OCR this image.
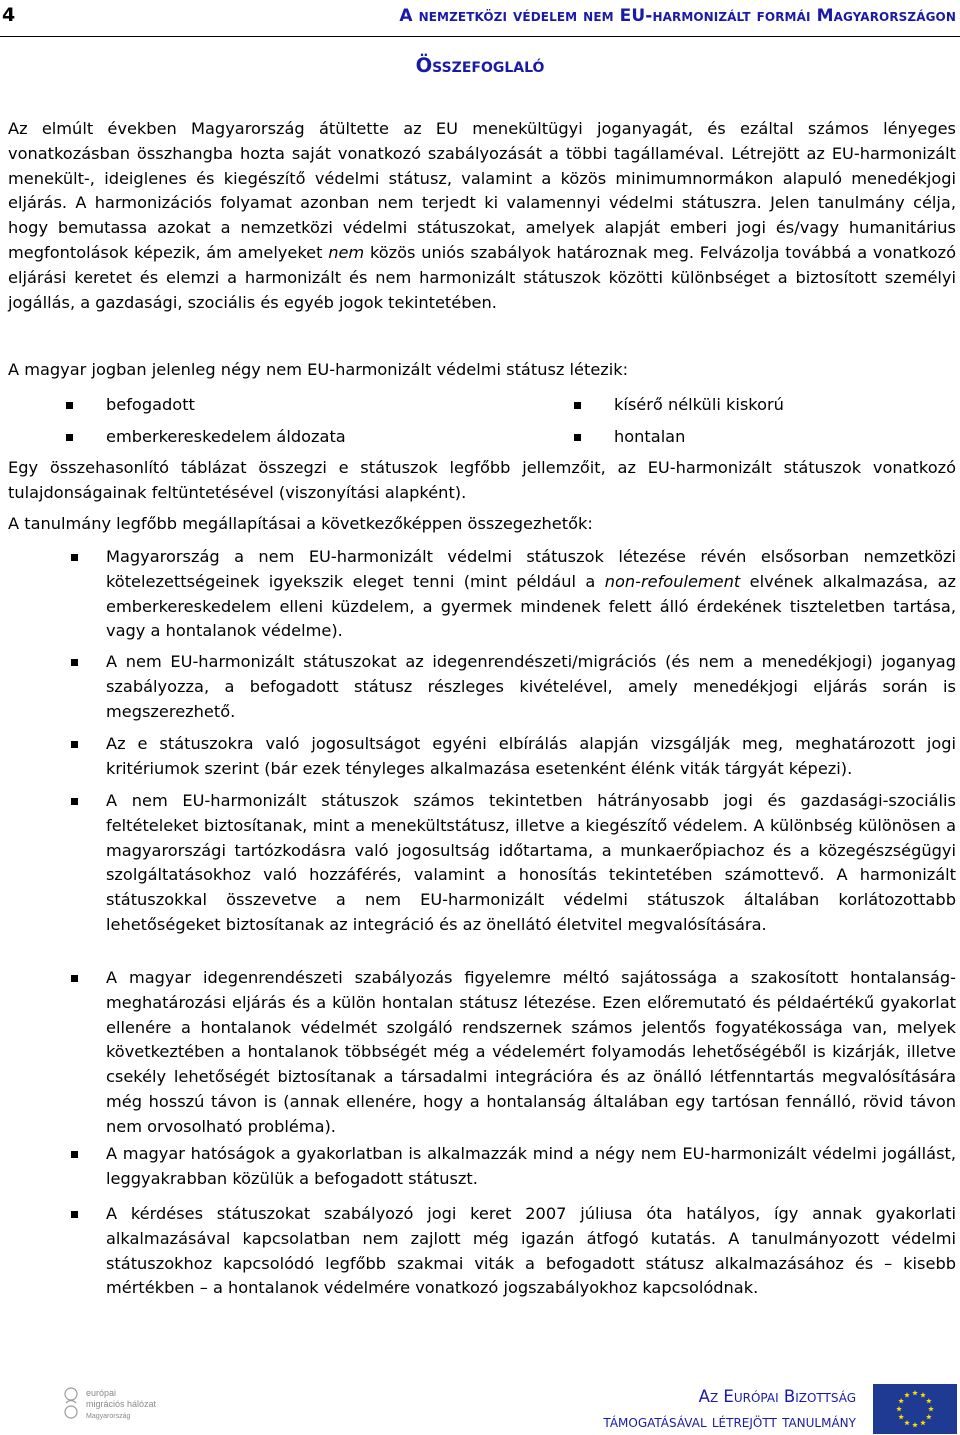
4	A nemzetközi védelem nem EU-harmonizált formái Magyarországon
Összefoglaló

Az elmúlt években Magyarország átültette az EU menekültügyi joganyagát, és ezáltal számos lényeges vonatkozásban összhangba hozta saját vonatkozó szabályozását a többi tagállaméval. Létrejött az EU-harmonizált menekült-, ideiglenes és kiegészítő védelmi státusz, valamint a közös minimumnormákon alapuló menedékjogi eljárás. A harmonizációs folyamat azonban nem terjedt ki valamennyi védelmi státuszra. Jelen tanulmány célja, hogy bemutassa azokat a nemzetközi védelmi státuszokat, amelyek alapját emberi jogi és/vagy humanitárius megfontolások képezik, ám amelyeket nem közös uniós szabályok határoznak meg. Felvázolja továbbá a vonatkozó eljárási keretet és elemzi a harmonizált és nem harmonizált státuszok közötti különbséget a biztosított személyi jogállás, a gazdasági, szociális és egyéb jogok tekintetében.

A magyar jogban jelenleg négy nem EU-harmonizált védelmi státusz létezik:

befogadott	kísérő nélküli kiskorú
emberkereskedelem áldozata	hontalan

Egy összehasonlító táblázat összegzi e státuszok legfőbb jellemzőit, az EU-harmonizált státuszok vonatkozó tulajdonságainak feltüntetésével (viszonyítási alapként).

A tanulmány legfőbb megállapításai a következőképpen összegezhetők:

Magyarország a nem EU-harmonizált védelmi státuszok létezése révén elsősorban nemzetközi kötelezettségeinek igyekszik eleget tenni (mint például a non-refoulement elvének alkalmazása, az emberkereskedelem elleni küzdelem, a gyermek mindenek felett álló érdekének tiszteletben tartása, vagy a hontalanok védelme).

A nem EU-harmonizált státuszokat az idegenrendészeti/migrációs (és nem a menedékjogi) joganyag szabályozza, a befogadott státusz részleges kivételével, amely menedékjogi eljárás során is megszerezhető.

Az e státuszokra való jogosultságot egyéni elbírálás alapján vizsgálják meg, meghatározott jogi kritériumok szerint (bár ezek tényleges alkalmazása esetenként élénk viták tárgyát képezi).

A nem EU-harmonizált státuszok számos tekintetben hátrányosabb jogi és gazdasági-szociális feltételeket biztosítanak, mint a menekültstátusz, illetve a kiegészítő védelem. A különbség különösen a magyarországi tartózkodásra való jogosultság időtartama, a munkaerőpiachoz és a közegészségügyi szolgáltatásokhoz való hozzáférés, valamint a honosítás tekintetében számottevő. A harmonizált státuszokkal összevetve a nem EU-harmonizált védelmi státuszok általában korlátozottabb lehetőségeket biztosítanak az integráció és az önellátó életvitel megvalósítására.

A magyar idegenrendészeti szabályozás figyelemre méltó sajátossága a szakosított hontalanság-meghatározási eljárás és a külön hontalan státusz létezése. Ezen előremutató és példaértékű gyakorlat ellenére a hontalanok védelmét szolgáló rendszernek számos jelentős fogyatékossága van, melyek következtében a hontalanok többségét még a védelemért folyamodás lehetőségéből is kizárják, illetve csekély lehetőségét biztosítanak a társadalmi integrációra és az önálló létfenntartás megvalósítására még hosszú távon is (annak ellenére, hogy a hontalanság általában egy tartósan fennálló, rövid távon nem orvosolható probléma).

A magyar hatóságok a gyakorlatban is alkalmazzák mind a négy nem EU-harmonizált védelmi jogállást, leggyakrabban közülük a befogadott státuszt.

A kérdéses státuszokat szabályozó jogi keret 2007 júliusa óta hatályos, így annak gyakorlati alkalmazásával kapcsolatban nem zajlott még igazán átfogó kutatás. A tanulmányozott védelmi státuszokhoz kapcsolódó legfőbb szakmai viták a befogadott státusz alkalmazásához és – kisebb mértékben – a hontalanok védelmére vonatkozó jogszabályokhoz kapcsolódnak.

európai
migrációs hálózat
Magyarország
Az Európai Bizottság
támogatásával létrejött tanulmány
